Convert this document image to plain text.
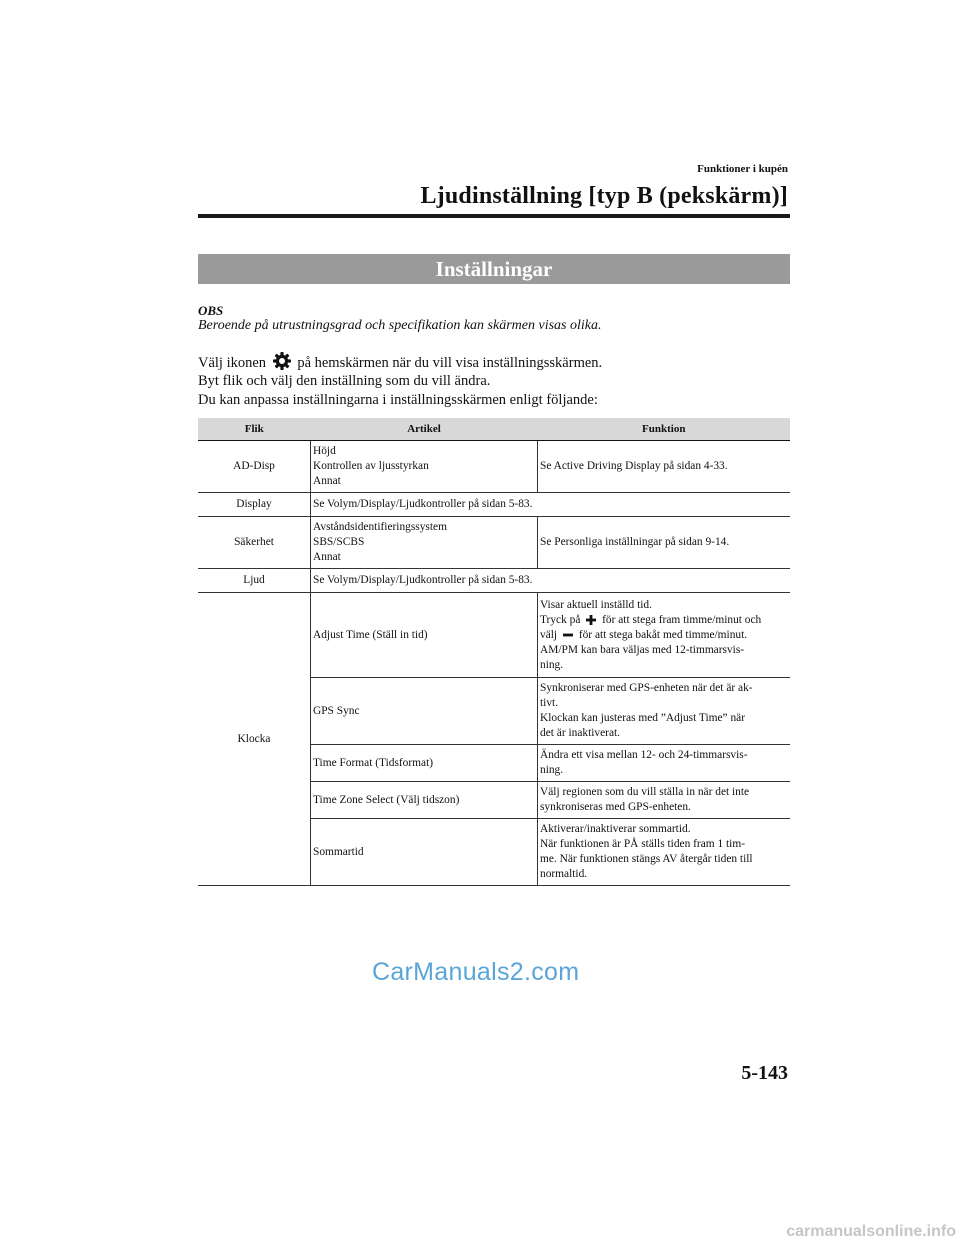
Funktioner i kupén
Ljudinställning [typ B (pekskärm)]
Inställningar
OBS
Beroende på utrustningsgrad och specifikation kan skärmen visas olika.
Välj ikonen på hemskärmen när du vill visa inställningsskärmen.
Byt flik och välj den inställning som du vill ändra.
Du kan anpassa inställningarna i inställningsskärmen enligt följande:
Flik	Artikel	Funktion
AD-Disp	Höjd
Kontrollen av ljusstyrkan
Annat	Se Active Driving Display på sidan 4-33.
Display	Se Volym/Display/Ljudkontroller på sidan 5-83.	
Säkerhet	Avståndsidentifieringssystem
SBS/SCBS
Annat	Se Personliga inställningar på sidan 9-14.
Ljud	Se Volym/Display/Ljudkontroller på sidan 5-83.	
Klocka	Adjust Time (Ställ in tid)	Visar aktuell inställd tid.
Tryck på för att stega fram timme/minut och
välj för att stega bakåt med timme/minut.
AM/PM kan bara väljas med 12-timmarsvis-
ning.

	GPS Sync	Synkroniserar med GPS-enheten när det är ak-
tivt.
Klockan kan justeras med ”Adjust Time” när
det är inaktiverat.

	Time Format (Tidsformat)	Ändra ett visa mellan 12- och 24-timmarsvis-
ning.

	Time Zone Select (Välj tidszon)	Välj regionen som du vill ställa in när det inte
synkroniseras med GPS-enheten.

	Sommartid	Aktiverar/inaktiverar sommartid.
När funktionen är PÅ ställs tiden fram 1 tim-
me. När funktionen stängs AV återgår tiden till
normaltid.
CarManuals2.com
5-143
carmanualsonline.info
